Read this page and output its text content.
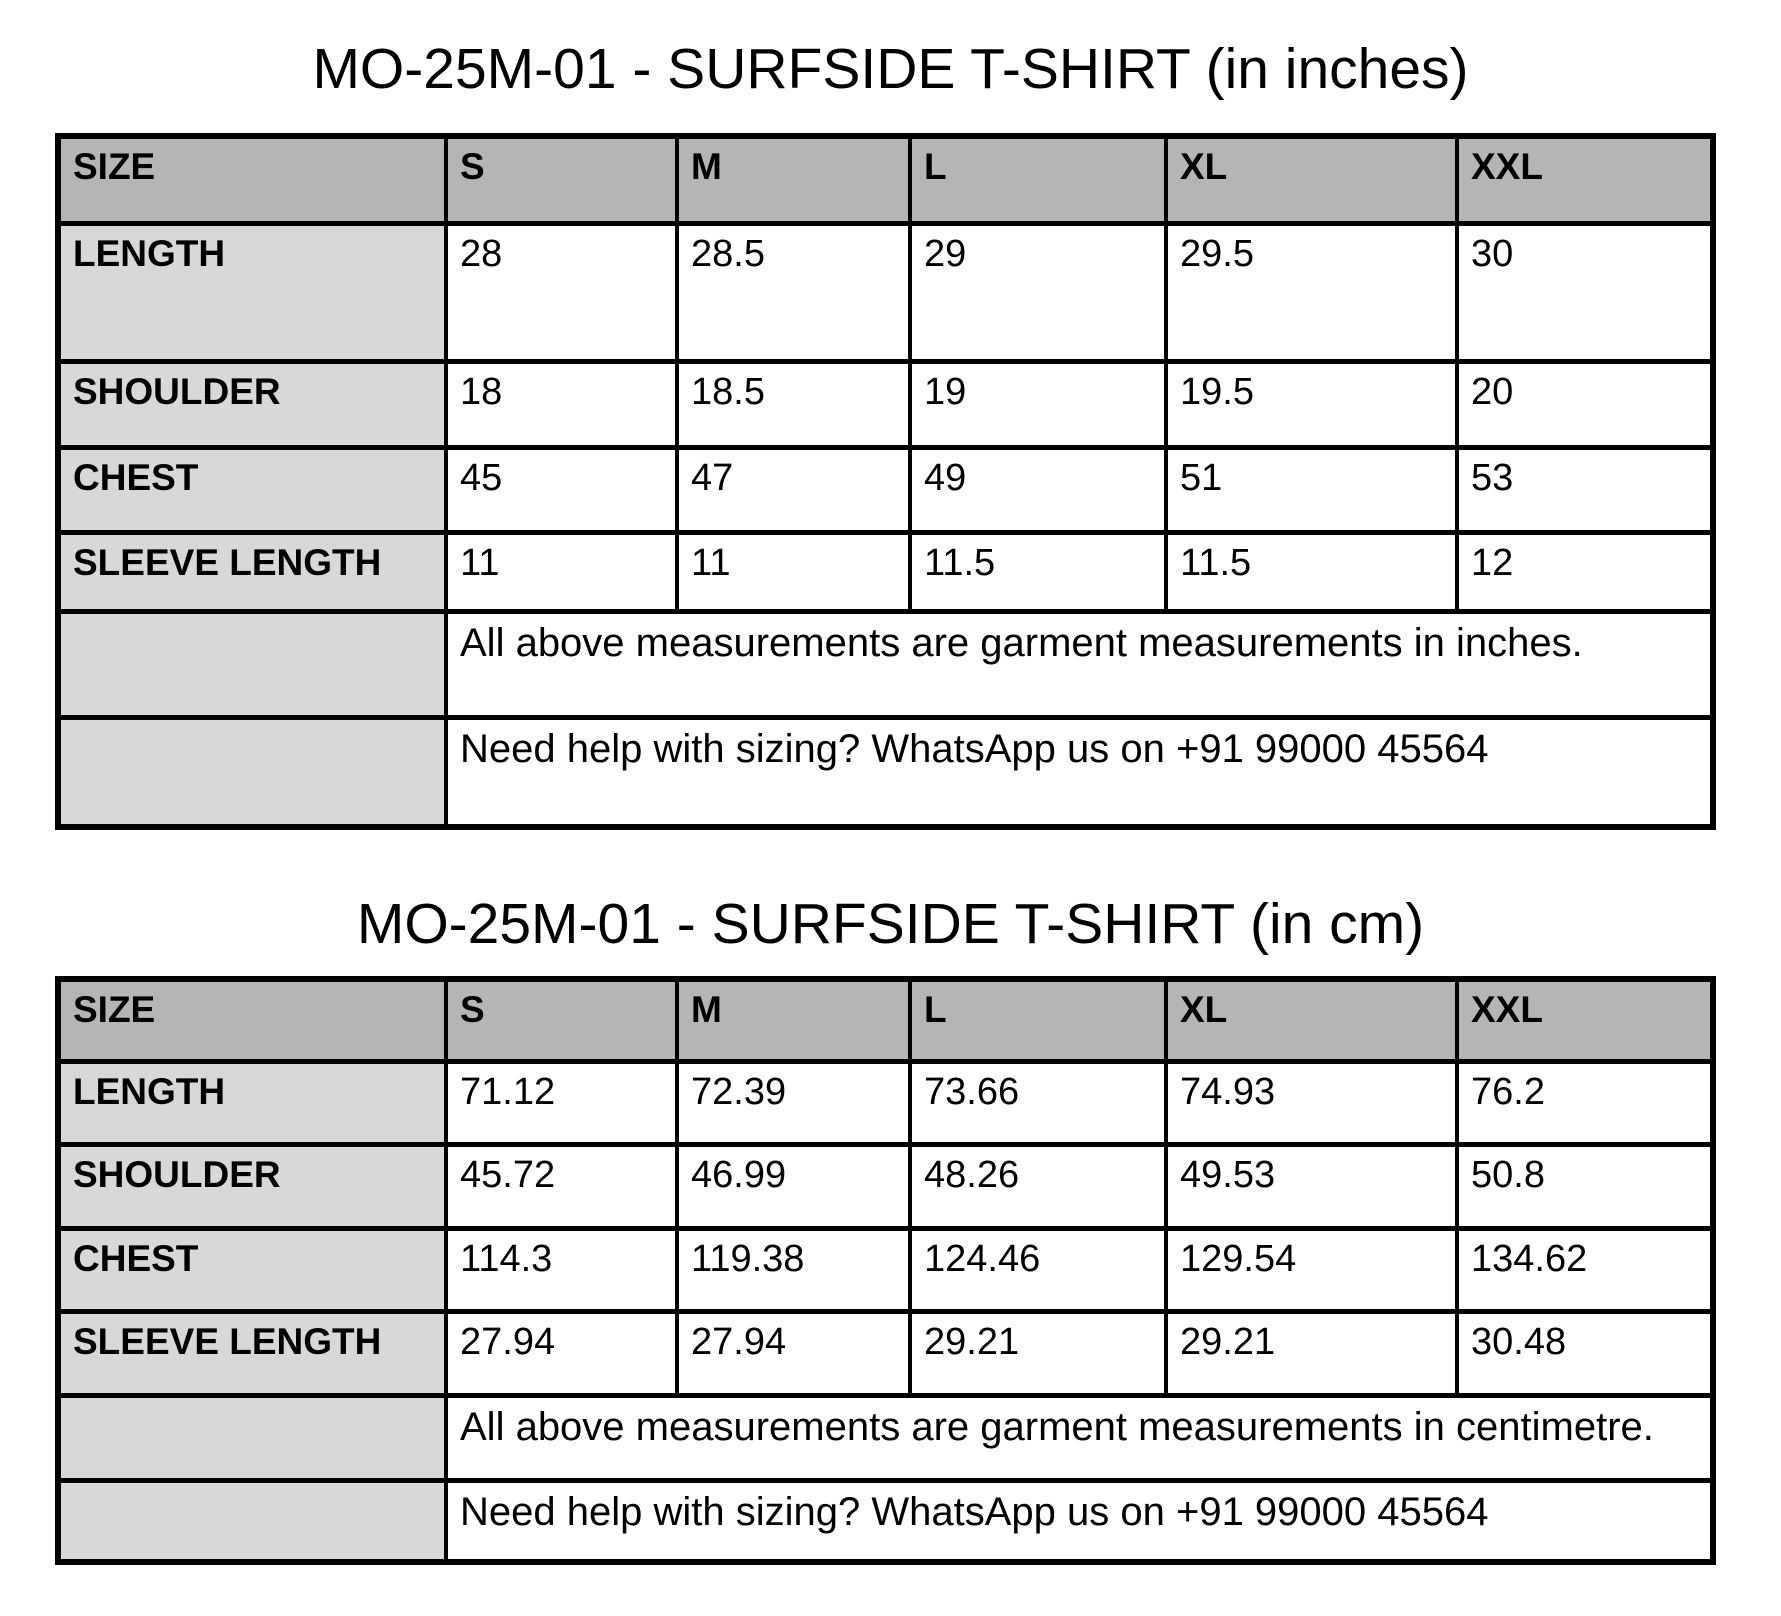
MO-25M-01 - SURFSIDE T-SHIRT (in inches)
SIZE	S	M	L	XL	XXL
LENGTH	28	28.5	29	29.5	30
SHOULDER	18	18.5	19	19.5	20
CHEST	45	47	49	51	53
SLEEVE LENGTH	11	11	11.5	11.5	12
	All above measurements are garment measurements in inches.				
	Need help with sizing? WhatsApp us on +91 99000 45564				
MO-25M-01 - SURFSIDE T-SHIRT (in cm)
SIZE	S	M	L	XL	XXL
LENGTH	71.12	72.39	73.66	74.93	76.2
SHOULDER	45.72	46.99	48.26	49.53	50.8
CHEST	114.3	119.38	124.46	129.54	134.62
SLEEVE LENGTH	27.94	27.94	29.21	29.21	30.48
	All above measurements are garment measurements in centimetre.				
	Need help with sizing? WhatsApp us on +91 99000 45564				
